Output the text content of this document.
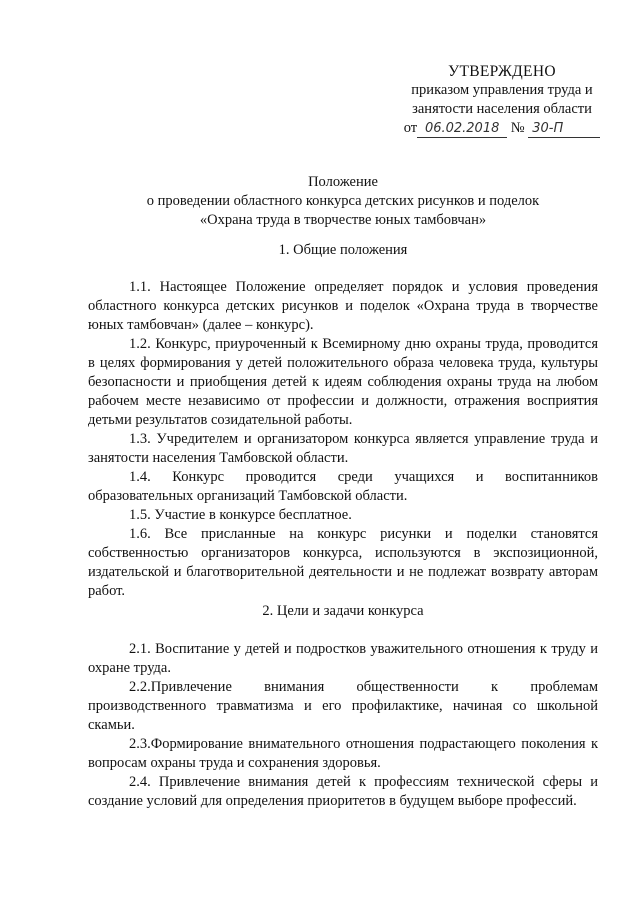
УТВЕРЖДЕНО
приказом управления труда и
занятости населения области
от 06.02.2018 № 30-П
Положение
о проведении областного конкурса детских рисунков и поделок
«Охрана труда в творчестве юных тамбовчан»
1. Общие положения

1.1. Настоящее Положение определяет порядок и условия проведения областного конкурса детских рисунков и поделок «Охрана труда в творчестве юных тамбовчан» (далее – конкурс).

1.2. Конкурс, приуроченный к Всемирному дню охраны труда, проводится в целях формирования у детей положительного образа человека труда, культуры безопасности и приобщения детей к идеям соблюдения охраны труда на любом рабочем месте независимо от профессии и должности, отражения восприятия детьми результатов созидательной работы.

1.3. Учредителем и организатором конкурса является управление труда и занятости населения Тамбовской области.

1.4. Конкурс проводится среди учащихся и воспитанников образовательных организаций Тамбовской области.

1.5. Участие в конкурсе бесплатное.

1.6. Все присланные на конкурс рисунки и поделки становятся собственностью организаторов конкурса, используются в экспозиционной, издательской и благотворительной деятельности и не подлежат возврату авторам работ.

2. Цели и задачи конкурса

2.1. Воспитание у детей и подростков уважительного отношения к труду и охране труда.

2.2.Привлечение внимания общественности к проблемам производственного травматизма и его профилактике, начиная со школьной скамьи.

2.3.Формирование внимательного отношения подрастающего поколения к вопросам охраны труда и сохранения здоровья.

2.4. Привлечение внимания детей к профессиям технической сферы и создание условий для определения приоритетов в будущем выборе профессий.
